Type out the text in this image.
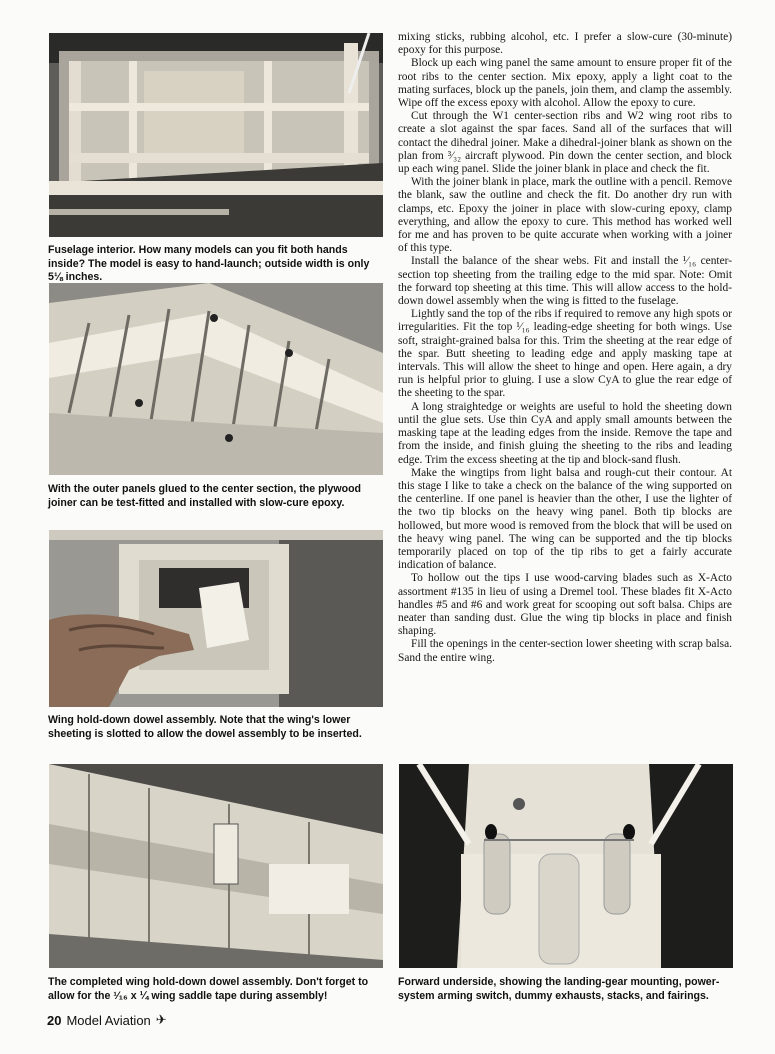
Fuselage interior. How many models can you fit both hands inside? The model is easy to hand-launch; outside width is only 5⅛ inches.

With the outer panels glued to the center section, the plywood joiner can be test-fitted and installed with slow-cure epoxy.

Wing hold-down dowel assembly. Note that the wing's lower sheeting is slotted to allow the dowel assembly to be inserted.

The completed wing hold-down dowel assembly. Don't forget to allow for the ¹⁄₁₆ x ¼ wing saddle tape during assembly!

Forward underside, showing the landing-gear mounting, power-system arming switch, dummy exhausts, stacks, and fairings.

mixing sticks, rubbing alcohol, etc. I prefer a slow-cure (30-minute) epoxy for this purpose.

Block up each wing panel the same amount to ensure proper fit of the root ribs to the center section. Mix epoxy, apply a light coat to the mating surfaces, block up the panels, join them, and clamp the assembly. Wipe off the excess epoxy with alcohol. Allow the epoxy to cure.

Cut through the W1 center-section ribs and W2 wing root ribs to create a slot against the spar faces. Sand all of the surfaces that will contact the dihedral joiner. Make a dihedral-joiner blank as shown on the plan from ³⁄₃₂ aircraft plywood. Pin down the center section, and block up each wing panel. Slide the joiner blank in place and check the fit.

With the joiner blank in place, mark the outline with a pencil. Remove the blank, saw the outline and check the fit. Do another dry run with clamps, etc. Epoxy the joiner in place with slow-curing epoxy, clamp everything, and allow the epoxy to cure. This method has worked well for me and has proven to be quite accurate when working with a joiner of this type.

Install the balance of the shear webs. Fit and install the ¹⁄₁₆ center-section top sheeting from the trailing edge to the mid spar. Note: Omit the forward top sheeting at this time. This will allow access to the hold-down dowel assembly when the wing is fitted to the fuselage.

Lightly sand the top of the ribs if required to remove any high spots or irregularities. Fit the top ¹⁄₁₆ leading-edge sheeting for both wings. Use soft, straight-grained balsa for this. Trim the sheeting at the rear edge of the spar. Butt sheeting to leading edge and apply masking tape at intervals. This will allow the sheet to hinge and open. Here again, a dry run is helpful prior to gluing. I use a slow CyA to glue the rear edge of the sheeting to the spar.

A long straightedge or weights are useful to hold the sheeting down until the glue sets. Use thin CyA and apply small amounts between the masking tape at the leading edges from the inside. Remove the tape and from the inside, and finish gluing the sheeting to the ribs and leading edge. Trim the excess sheeting at the tip and block-sand flush.

Make the wingtips from light balsa and rough-cut their contour. At this stage I like to take a check on the balance of the wing supported on the centerline. If one panel is heavier than the other, I use the lighter of the two tip blocks on the heavy wing panel. Both tip blocks are hollowed, but more wood is removed from the block that will be used on the heavy wing panel. The wing can be supported and the tip blocks temporarily placed on top of the tip ribs to get a fairly accurate indication of balance.

To hollow out the tips I use wood-carving blades such as X-Acto assortment #135 in lieu of using a Dremel tool. These blades fit X-Acto handles #5 and #6 and work great for scooping out soft balsa. Chips are neater than sanding dust. Glue the wing tip blocks in place and finish shaping.

Fill the openings in the center-section lower sheeting with scrap balsa. Sand the entire wing.

20 Model Aviation ✈
